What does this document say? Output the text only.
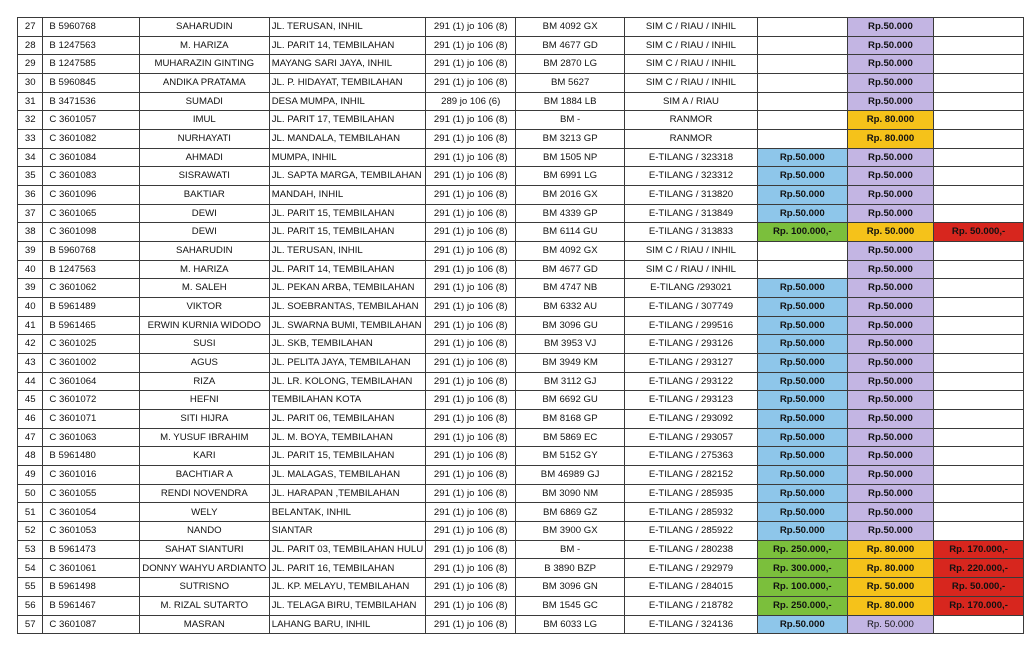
27	B 5960768	SAHARUDIN	JL. TERUSAN, INHIL	291 (1) jo 106 (8)	BM 4092 GX	SIM C / RIAU / INHIL		Rp.50.000	
28	B 1247563	M. HARIZA	JL. PARIT 14, TEMBILAHAN	291 (1) jo 106 (8)	BM 4677 GD	SIM C / RIAU / INHIL		Rp.50.000	
29	B 1247585	MUHARAZIN GINTING	MAYANG SARI JAYA, INHIL	291 (1) jo 106 (8)	BM 2870 LG	SIM C / RIAU / INHIL		Rp.50.000	
30	B 5960845	ANDIKA PRATAMA	JL. P. HIDAYAT, TEMBILAHAN	291 (1) jo 106 (8)	BM 5627	SIM C / RIAU / INHIL		Rp.50.000	
31	B 3471536	SUMADI	DESA MUMPA, INHIL	289 jo 106 (6)	BM 1884 LB	SIM A / RIAU		Rp.50.000	
32	C 3601057	IMUL	JL. PARIT 17, TEMBILAHAN	291 (1) jo 106 (8)	BM -	RANMOR		Rp. 80.000	
33	C 3601082	NURHAYATI	JL. MANDALA, TEMBILAHAN	291 (1) jo 106 (8)	BM 3213 GP	RANMOR		Rp. 80.000	
34	C 3601084	AHMADI	MUMPA, INHIL	291 (1) jo 106 (8)	BM 1505 NP	E-TILANG / 323318	Rp.50.000	Rp.50.000	
35	C 3601083	SISRAWATI	JL. SAPTA MARGA, TEMBILAHAN	291 (1) jo 106 (8)	BM 6991 LG	E-TILANG / 323312	Rp.50.000	Rp.50.000	
36	C 3601096	BAKTIAR	MANDAH, INHIL	291 (1) jo 106 (8)	BM 2016 GX	E-TILANG / 313820	Rp.50.000	Rp.50.000	
37	C 3601065	DEWI	JL. PARIT 15, TEMBILAHAN	291 (1) jo 106 (8)	BM 4339 GP	E-TILANG / 313849	Rp.50.000	Rp.50.000	
38	C 3601098	DEWI	JL. PARIT 15, TEMBILAHAN	291 (1) jo 106 (8)	BM 6114 GU	E-TILANG / 313833	Rp. 100.000,-	Rp. 50.000	Rp. 50.000,-
39	B 5960768	SAHARUDIN	JL. TERUSAN, INHIL	291 (1) jo 106 (8)	BM 4092 GX	SIM C / RIAU / INHIL		Rp.50.000	
40	B 1247563	M. HARIZA	JL. PARIT 14, TEMBILAHAN	291 (1) jo 106 (8)	BM 4677 GD	SIM C / RIAU / INHIL		Rp.50.000	
39	C 3601062	M. SALEH	JL. PEKAN ARBA, TEMBILAHAN	291 (1) jo 106 (8)	BM 4747 NB	E-TILANG /293021	Rp.50.000	Rp.50.000	
40	B 5961489	VIKTOR	JL. SOEBRANTAS, TEMBILAHAN	291 (1) jo 106 (8)	BM 6332 AU	E-TILANG / 307749	Rp.50.000	Rp.50.000	
41	B 5961465	ERWIN KURNIA WIDODO	JL. SWARNA BUMI, TEMBILAHAN	291 (1) jo 106 (8)	BM 3096 GU	E-TILANG / 299516	Rp.50.000	Rp.50.000	
42	C 3601025	SUSI	JL. SKB, TEMBILAHAN	291 (1) jo 106 (8)	BM 3953 VJ	E-TILANG / 293126	Rp.50.000	Rp.50.000	
43	C 3601002	AGUS	JL. PELITA JAYA, TEMBILAHAN	291 (1) jo 106 (8)	BM 3949 KM	E-TILANG / 293127	Rp.50.000	Rp.50.000	
44	C 3601064	RIZA	JL. LR. KOLONG, TEMBILAHAN	291 (1) jo 106 (8)	BM 3112 GJ	E-TILANG / 293122	Rp.50.000	Rp.50.000	
45	C 3601072	HEFNI	TEMBILAHAN KOTA	291 (1) jo 106 (8)	BM 6692 GU	E-TILANG / 293123	Rp.50.000	Rp.50.000	
46	C 3601071	SITI HIJRA	JL. PARIT 06, TEMBILAHAN	291 (1) jo 106 (8)	BM 8168 GP	E-TILANG / 293092	Rp.50.000	Rp.50.000	
47	C 3601063	M. YUSUF IBRAHIM	JL. M. BOYA, TEMBILAHAN	291 (1) jo 106 (8)	BM 5869 EC	E-TILANG / 293057	Rp.50.000	Rp.50.000	
48	B 5961480	KARI	JL. PARIT 15, TEMBILAHAN	291 (1) jo 106 (8)	BM 5152 GY	E-TILANG / 275363	Rp.50.000	Rp.50.000	
49	C 3601016	BACHTIAR A	JL. MALAGAS, TEMBILAHAN	291 (1) jo 106 (8)	BM 46989 GJ	E-TILANG / 282152	Rp.50.000	Rp.50.000	
50	C 3601055	RENDI NOVENDRA	JL. HARAPAN ,TEMBILAHAN	291 (1) jo 106 (8)	BM 3090 NM	E-TILANG / 285935	Rp.50.000	Rp.50.000	
51	C 3601054	WELY	BELANTAK, INHIL	291 (1) jo 106 (8)	BM 6869 GZ	E-TILANG / 285932	Rp.50.000	Rp.50.000	
52	C 3601053	NANDO	SIANTAR	291 (1) jo 106 (8)	BM 3900 GX	E-TILANG / 285922	Rp.50.000	Rp.50.000	
53	B 5961473	SAHAT SIANTURI	JL. PARIT 03, TEMBILAHAN HULU	291 (1) jo 106 (8)	BM -	E-TILANG / 280238	Rp. 250.000,-	Rp. 80.000	Rp. 170.000,-
54	C 3601061	DONNY WAHYU ARDIANTO	JL. PARIT 16, TEMBILAHAN	291 (1) jo 106 (8)	B 3890 BZP	E-TILANG / 292979	Rp. 300.000,-	Rp. 80.000	Rp. 220.000,-
55	B 5961498	SUTRISNO	JL. KP. MELAYU, TEMBILAHAN	291 (1) jo 106 (8)	BM 3096 GN	E-TILANG / 284015	Rp. 100.000,-	Rp. 50.000	Rp. 50.000,-
56	B 5961467	M. RIZAL SUTARTO	JL. TELAGA BIRU, TEMBILAHAN	291 (1) jo 106 (8)	BM 1545 GC	E-TILANG / 218782	Rp. 250.000,-	Rp. 80.000	Rp. 170.000,-
57	C 3601087	MASRAN	LAHANG BARU, INHIL	291 (1) jo 106 (8)	BM 6033 LG	E-TILANG / 324136	Rp.50.000	Rp. 50.000	
